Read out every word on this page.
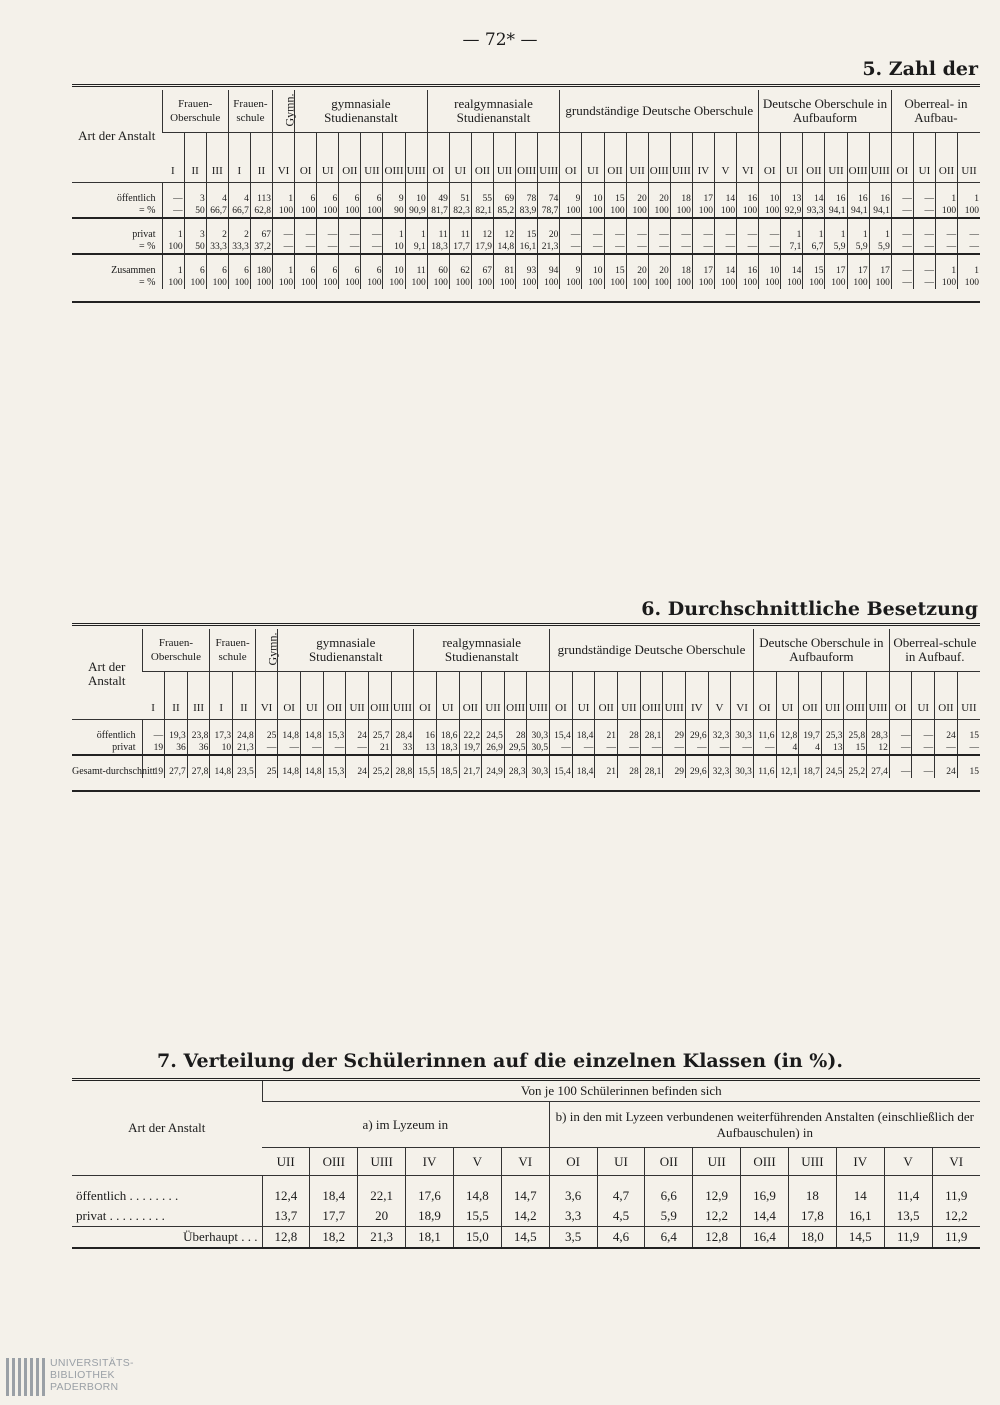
— 72* —
5. Zahl der
Art der Anstalt	Frauen-Oberschule			Frauen-schule		Gymn.	gymnasiale Studienanstalt						realgymnasiale Studienanstalt						grundständige Deutsche Oberschule									Deutsche Oberschule in Aufbauform						Oberreal- in Aufbau-			
	I	II	III	I	II	VI	OI	UI	OII	UII	OIII	UIII	OI	UI	OII	UII	OIII	UIII	OI	UI	OII	UII	OIII	UIII	IV	V	VI	OI	UI	OII	UII	OIII	UIII	OI	UI	OII	UII
öffentlich	—	3	4	4	113	1	6	6	6	6	9	10	49	51	55	69	78	74	9	10	15	20	20	18	17	14	16	10	13	14	16	16	16	—	—	1	1
= %	—	50	66,7	66,7	62,8	100	100	100	100	100	90	90,9	81,7	82,3	82,1	85,2	83,9	78,7	100	100	100	100	100	100	100	100	100	100	92,9	93,3	94,1	94,1	94,1	—	—	100	100
privat	1	3	2	2	67	—	—	—	—	—	1	1	11	11	12	12	15	20	—	—	—	—	—	—	—	—	—	—	1	1	1	1	1	—	—	—	—
= %	100	50	33,3	33,3	37,2	—	—	—	—	—	10	9,1	18,3	17,7	17,9	14,8	16,1	21,3	—	—	—	—	—	—	—	—	—	—	7,1	6,7	5,9	5,9	5,9	—	—	—	—
Zusammen	1	6	6	6	180	1	6	6	6	6	10	11	60	62	67	81	93	94	9	10	15	20	20	18	17	14	16	10	14	15	17	17	17	—	—	1	1
= %	100	100	100	100	100	100	100	100	100	100	100	100	100	100	100	100	100	100	100	100	100	100	100	100	100	100	100	100	100	100	100	100	100	—	—	100	100

6. Durchschnittliche Besetzung
Art der Anstalt	Frauen-Oberschule			Frauen-schule		Gymn.	gymnasiale Studienanstalt						realgymnasiale Studienanstalt						grundständige Deutsche Oberschule									Deutsche Oberschule in Aufbauform						Oberreal-schule in Aufbauf.			
	I	II	III	I	II	VI	OI	UI	OII	UII	OIII	UIII	OI	UI	OII	UII	OIII	UIII	OI	UI	OII	UII	OIII	UIII	IV	V	VI	OI	UI	OII	UII	OIII	UIII	OI	UI	OII	UII
öffentlich	—	19,3	23,8	17,3	24,8	25	14,8	14,8	15,3	24	25,7	28,4	16	18,6	22,2	24,5	28	30,3	15,4	18,4	21	28	28,1	29	29,6	32,3	30,3	11,6	12,8	19,7	25,3	25,8	28,3	—	—	24	15
privat	19	36	36	10	21,3	—	—	—	—	—	21	33	13	18,3	19,7	26,9	29,5	30,5	—	—	—	—	—	—	—	—	—	—	4	4	13	15	12	—	—	—	—
Gesamt-durchschnitt	19	27,7	27,8	14,8	23,5	25	14,8	14,8	15,3	24	25,2	28,8	15,5	18,5	21,7	24,9	28,3	30,3	15,4	18,4	21	28	28,1	29	29,6	32,3	30,3	11,6	12,1	18,7	24,5	25,2	27,4	—	—	24	15

7. Verteilung der Schülerinnen auf die einzelnen Klassen (in %).
Art der Anstalt	Von je 100 Schülerinnen befinden sich														
	a) im Lyzeum in						b) in den mit Lyzeen verbundenen weiterführenden Anstalten (einschließlich der Aufbauschulen) in								
	UII	OIII	UIII	IV	V	VI	OI	UI	OII	UII	OIII	UIII	IV	V	VI

öffentlich . . . . . . . .	12,4	18,4	22,1	17,6	14,8	14,7	3,6	4,7	6,6	12,9	16,9	18	14	11,4	11,9
privat . . . . . . . . .	13,7	17,7	20	18,9	15,5	14,2	3,3	4,5	5,9	12,2	14,4	17,8	16,1	13,5	12,2
Überhaupt . . .	12,8	18,2	21,3	18,1	15,0	14,5	3,5	4,6	6,4	12,8	16,4	18,0	14,5	11,9	11,9
UNIVERSITÄTS-
BIBLIOTHEK
PADERBORN
